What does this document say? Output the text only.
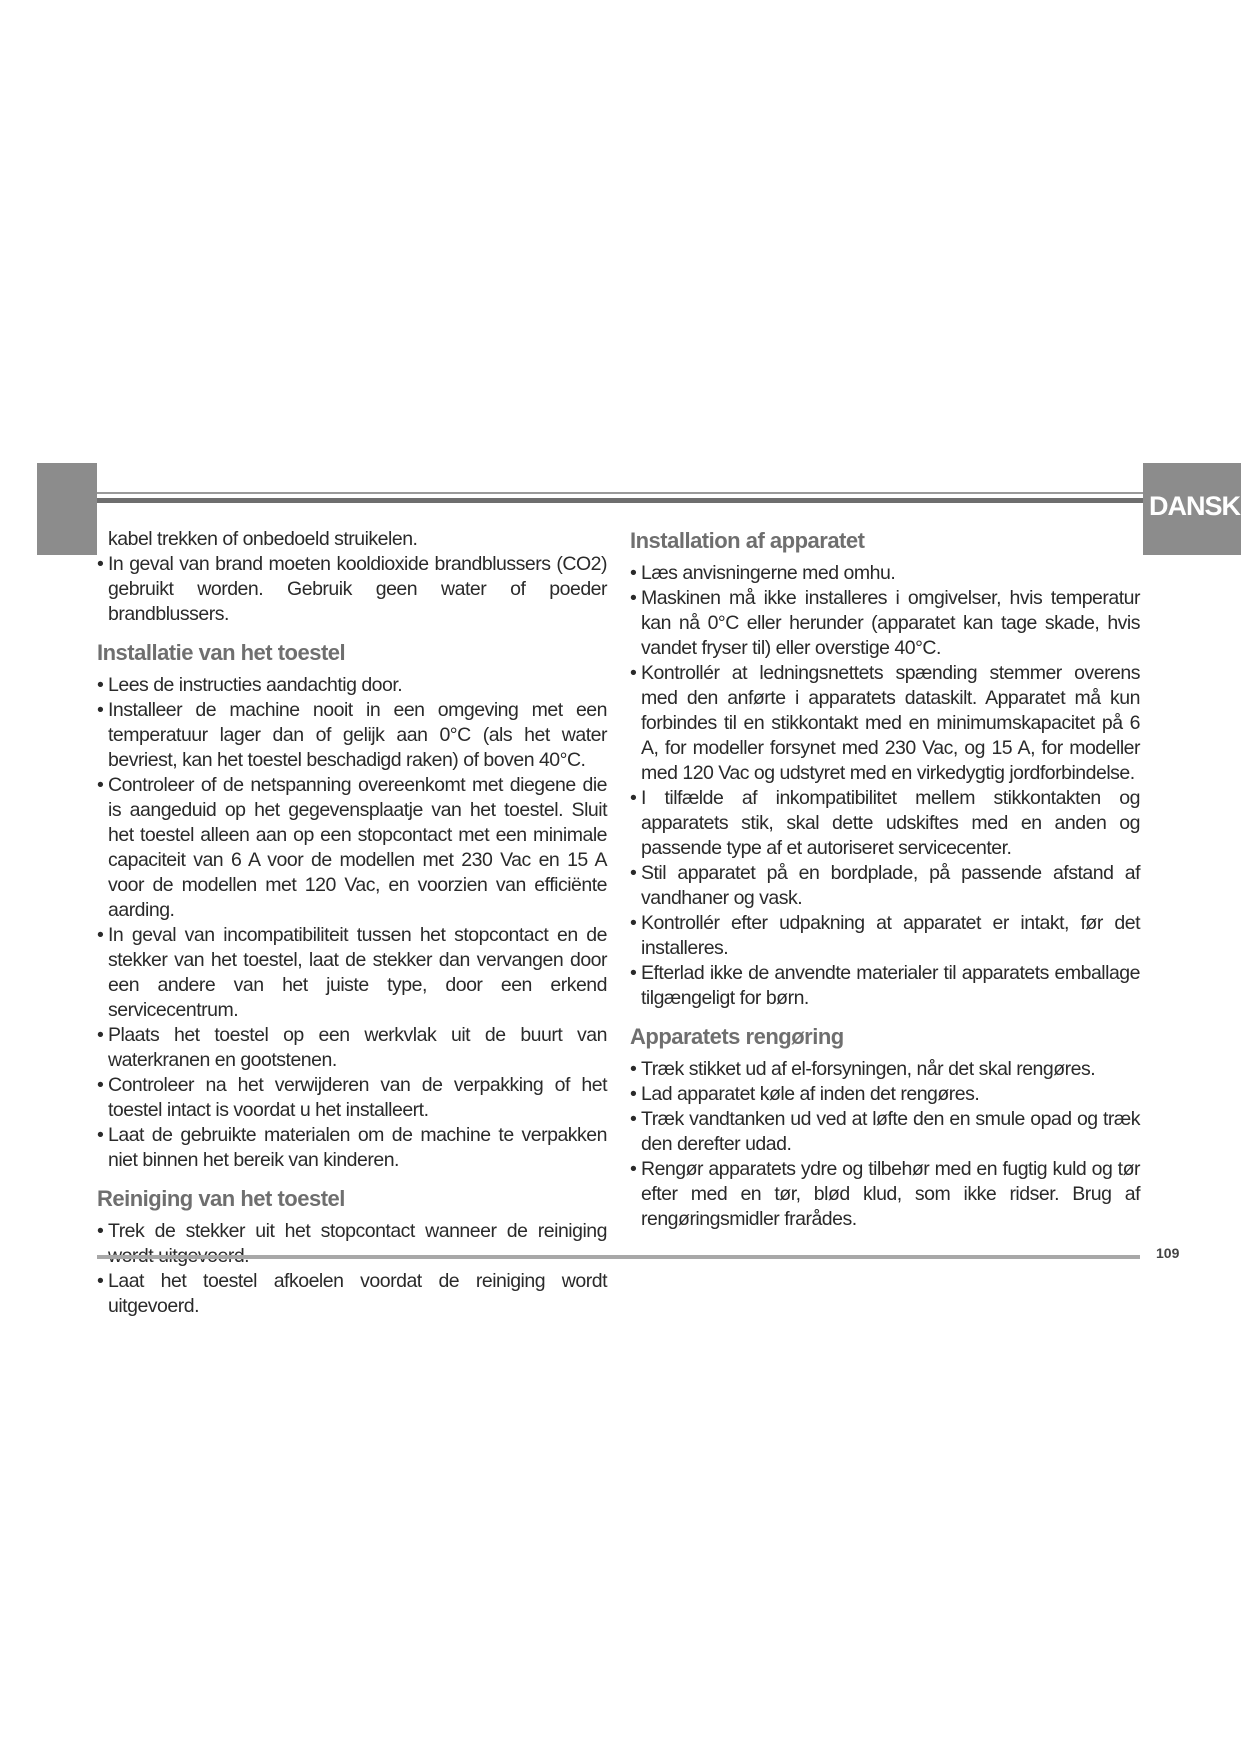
DANSK

kabel trekken of onbedoeld struikelen.

• In geval van brand moeten kooldioxide brandblussers (CO2) gebruikt worden. Gebruik geen water of poeder brandblussers.
Installatie van het toestel
• Lees de instructies aandachtig door.
• Installeer de machine nooit in een omgeving met een temperatuur lager dan of gelijk aan 0°C (als het water bevriest, kan het toestel beschadigd raken) of boven 40°C.
• Controleer of de netspanning overeenkomt met diegene die is aangeduid op het gegevensplaatje van het toestel. Sluit het toestel alleen aan op een stopcontact met een minimale capaciteit van 6 A voor de modellen met 230 Vac en 15 A voor de modellen met 120 Vac, en voorzien van efficiënte aarding.
• In geval van incompatibiliteit tussen het stopcontact en de stekker van het toestel, laat de stekker dan vervangen door een andere van het juiste type, door een erkend servicecentrum.
• Plaats het toestel op een werkvlak uit de buurt van waterkranen en gootstenen.
• Controleer na het verwijderen van de verpakking of het toestel intact is voordat u het installeert.
• Laat de gebruikte materialen om de machine te verpakken niet binnen het bereik van kinderen.
Reiniging van het toestel
• Trek de stekker uit het stopcontact wanneer de reiniging
• Laat het toestel afkoelen voordat de reiniging wordt uitgevoerd.
Installation af apparatet
• Læs anvisningerne med omhu.
• Maskinen må ikke installeres i omgivelser, hvis temperatur kan nå 0°C eller herunder (apparatet kan tage skade, hvis vandet fryser til) eller overstige 40°C.
• Kontrollér at ledningsnettets spænding stemmer overens med den anførte i apparatets dataskilt. Apparatet må kun forbindes til en stikkontakt med en minimumskapacitet på 6 A, for modeller forsynet med 230 Vac, og 15 A, for modeller med 120 Vac og udstyret med en virkedygtig jordforbindelse.
• I tilfælde af inkompatibilitet mellem stikkontakten og apparatets stik, skal dette udskiftes med en anden og passende type af et autoriseret servicecenter.
• Stil apparatet på en bordplade, på passende afstand af vandhaner og vask.
• Kontrollér efter udpakning at apparatet er intakt, før det installeres.
• Efterlad ikke de anvendte materialer til apparatets emballage tilgængeligt for børn.
Apparatets rengøring
• Træk stikket ud af el-forsyningen, når det skal rengøres.
• Lad apparatet køle af inden det rengøres.
• Træk vandtanken ud ved at løfte den en smule opad og træk den derefter udad.
• Rengør apparatets ydre og tilbehør med en fugtig kuld og tør efter med en tør, blød klud, som ikke ridser. Brug af rengøringsmidler frarådes.
109
